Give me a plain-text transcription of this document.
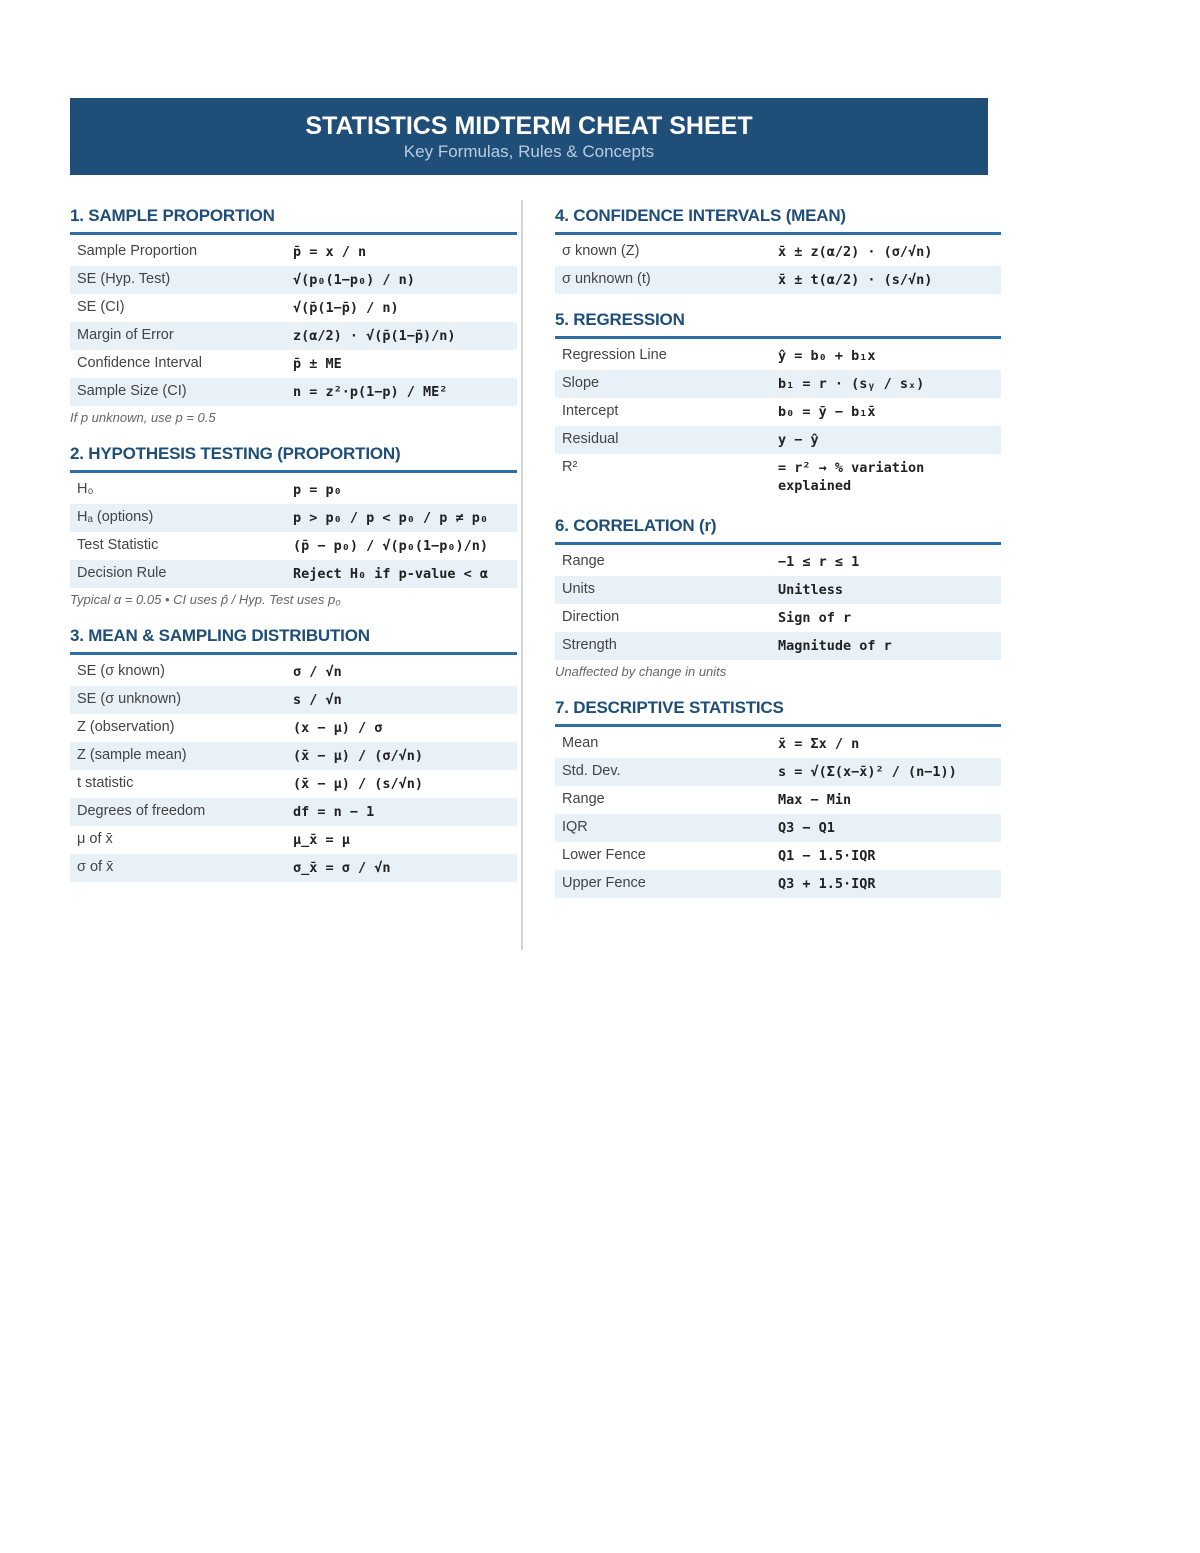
STATISTICS MIDTERM CHEAT SHEET
Key Formulas, Rules & Concepts
1. SAMPLE PROPORTION
Sample Proportion	p̄ = x / n
SE (Hyp. Test)	√(p₀(1−p₀) / n)
SE (CI)	√(p̄(1−p̄) / n)
Margin of Error	z(α/2) · √(p̄(1−p̄)/n)
Confidence Interval	p̄ ± ME
Sample Size (CI)	n = z²·p(1−p) / ME²
If p unknown, use p = 0.5
2. HYPOTHESIS TESTING (PROPORTION)
H₀	p = p₀
Hₐ (options)	p > p₀ / p < p₀ / p ≠ p₀
Test Statistic	(p̄ − p₀) / √(p₀(1−p₀)/n)
Decision Rule	Reject H₀ if p-value < α
Typical α = 0.05 • CI uses p̂ / Hyp. Test uses p₀
3. MEAN & SAMPLING DISTRIBUTION
SE (σ known)	σ / √n
SE (σ unknown)	s / √n
Z (observation)	(x − μ) / σ
Z (sample mean)	(x̄ − μ) / (σ/√n)
t statistic	(x̄ − μ) / (s/√n)
Degrees of freedom	df = n − 1
μ of x̄	μ_x̄ = μ
σ of x̄	σ_x̄ = σ / √n
4. CONFIDENCE INTERVALS (MEAN)
σ known (Z)	x̄ ± z(α/2) · (σ/√n)
σ unknown (t)	x̄ ± t(α/2) · (s/√n)
5. REGRESSION
Regression Line	ŷ = b₀ + b₁x
Slope	b₁ = r · (sᵧ / sₓ)
Intercept	b₀ = ȳ − b₁x̄
Residual	y − ŷ
R²	= r² → % variation explained
6. CORRELATION (r)
Range	−1 ≤ r ≤ 1
Units	Unitless
Direction	Sign of r
Strength	Magnitude of r
Unaffected by change in units
7. DESCRIPTIVE STATISTICS
Mean	x̄ = Σx / n
Std. Dev.	s = √(Σ(x−x̄)² / (n−1))
Range	Max − Min
IQR	Q3 − Q1
Lower Fence	Q1 − 1.5·IQR
Upper Fence	Q3 + 1.5·IQR
